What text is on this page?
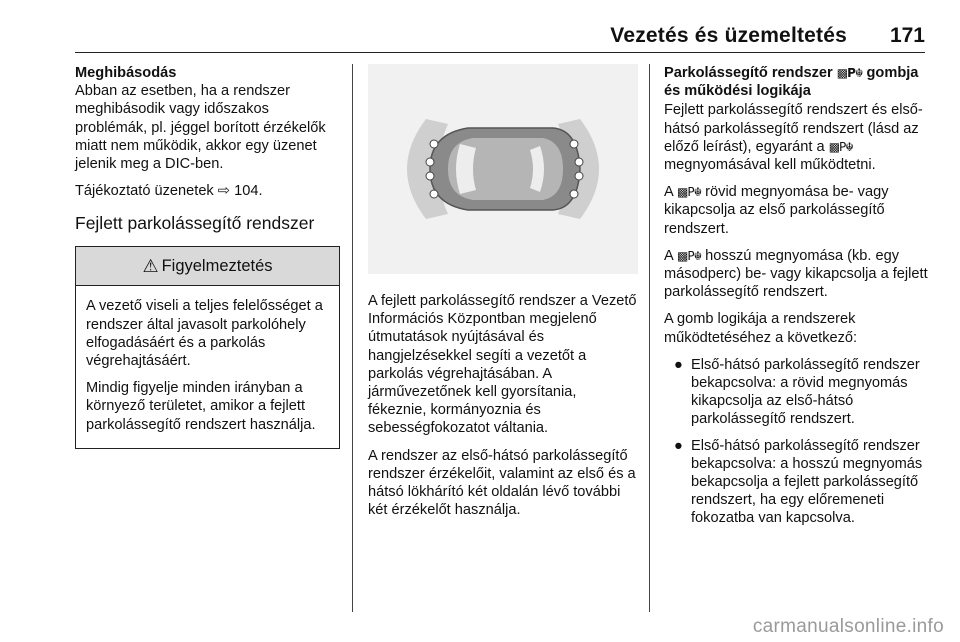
Vezetés és üzemeltetés 171
Meghibásodás

Abban az esetben, ha a rendszer meghibásodik vagy időszakos problémák, pl. jéggel borított érzékelők miatt nem működik, akkor egy üzenet jelenik meg a DIC-ben.

Tájékoztató üzenetek ⇨ 104.

Fejlett parkolássegítő rendszer
⚠ Figyelmeztetés

A vezető viseli a teljes felelősséget a rendszer által javasolt parkolóhely elfogadásáért és a parkolás végrehajtásáért.

Mindig figyelje minden irányban a környező területet, amikor a fejlett parkolássegítő rendszert használja.

A fejlett parkolássegítő rendszer a Vezető Információs Központban megjelenő útmutatások nyújtásával és hangjelzésekkel segíti a vezetőt a parkolás végrehajtásában. A járművezetőnek kell gyorsítania, fékeznie, kormányoznia és sebességfokozatot váltania.

A rendszer az első-hátsó parkolássegítő rendszer érzékelőit, valamint az első és a hátsó lökhárító két oldalán lévő további két érzékelőt használja.

Parkolássegítő rendszer ▩P☬ gombja
és működési logikája

Fejlett parkolássegítő rendszert és első-hátsó parkolássegítő rendszert (lásd az előző leírást), egyaránt a ▩P☬ megnyomásával kell működtetni.

A ▩P☬ rövid megnyomása be- vagy kikapcsolja az első parkolássegítő rendszert.

A ▩P☬ hosszú megnyomása (kb. egy másodperc) be- vagy kikapcsolja a fejlett parkolássegítő rendszert.

A gomb logikája a rendszerek működtetéséhez a következő:

● Első-hátsó parkolássegítő rendszer bekapcsolva: a rövid megnyomás kikapcsolja az első-hátsó parkolássegítő rendszert.
● Első-hátsó parkolássegítő rendszer bekapcsolva: a hosszú megnyomás bekapcsolja a fejlett parkolássegítő rendszert, ha egy előremeneti fokozatba van kapcsolva.
carmanualsonline.info
